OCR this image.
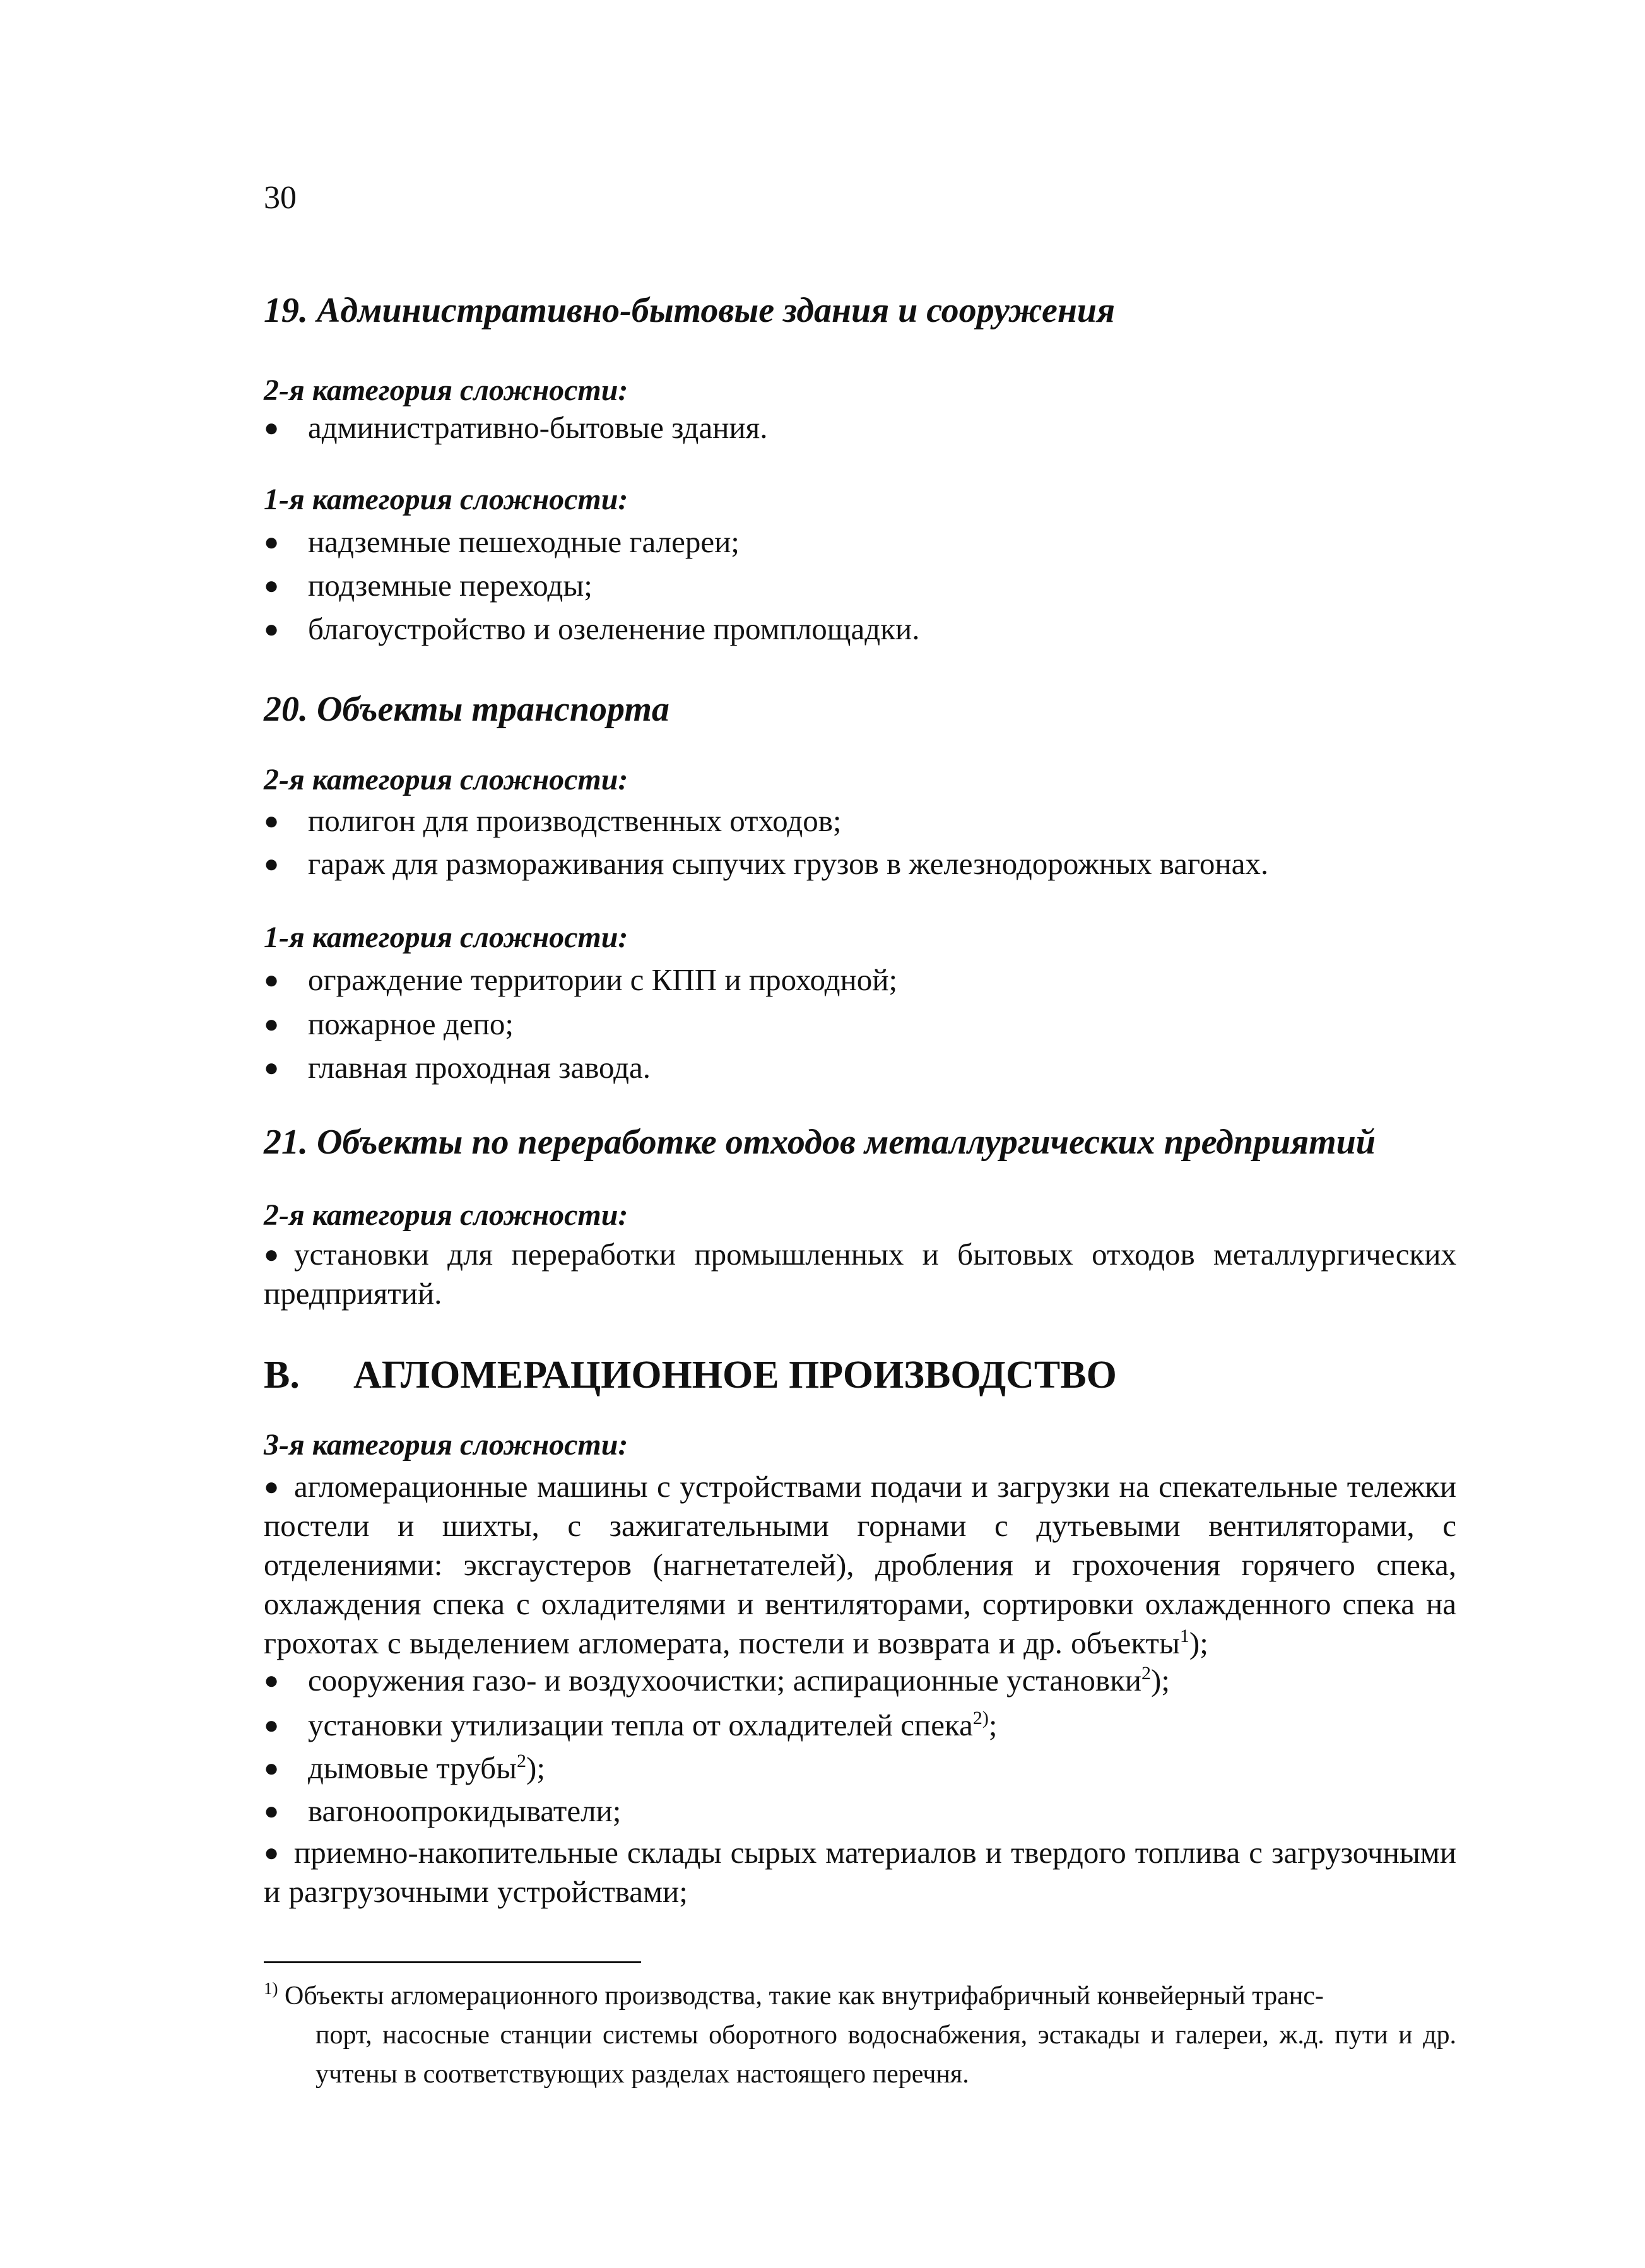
30
19. Административно-бытовые здания и сооружения
2-я категория сложности:
● административно-бытовые здания.
1-я категория сложности:
● надземные пешеходные галереи;
● подземные переходы;
● благоустройство и озеленение промплощадки.
20. Объекты транспорта
2-я категория сложности:
● полигон для производственных отходов;
● гараж для размораживания сыпучих грузов в железнодорожных вагонах.
1-я категория сложности:
● ограждение территории с КПП и проходной;
● пожарное депо;
● главная проходная завода.
21. Объекты по переработке отходов металлургических предприятий
2-я категория сложности:
● установки для переработки промышленных и бытовых отходов металлургических предприятий.
В. АГЛОМЕРАЦИОННОЕ ПРОИЗВОДСТВО
3-я категория сложности:
● агломерационные машины с устройствами подачи и загрузки на спекательные тележки постели и шихты, с зажигательными горнами с дутьевыми вентиляторами, с отделениями: эксгаустеров (нагнетателей), дробления и грохочения горячего спека, охлаждения спека с охладителями и вентиляторами, сортировки охлажденного спека на грохотах с выделением агломерата, постели и возврата и др. объекты$^1$);
● сооружения газо- и воздухоочистки; аспирационные установки$^2$);
● установки утилизации тепла от охладителей спека$^{2)}$;
● дымовые трубы$^2$);
● вагоноопрокидыватели;
● приемно-накопительные склады сырых материалов и твердого топлива с загрузочными и разгрузочными устройствами;
$^{1)}$ Объекты агломерационного производства, такие как внутрифабричный конвейерный транс-
порт, насосные станции системы оборотного водоснабжения, эстакады и галереи, ж.д. пути и др. учтены в соответствующих разделах настоящего перечня.
